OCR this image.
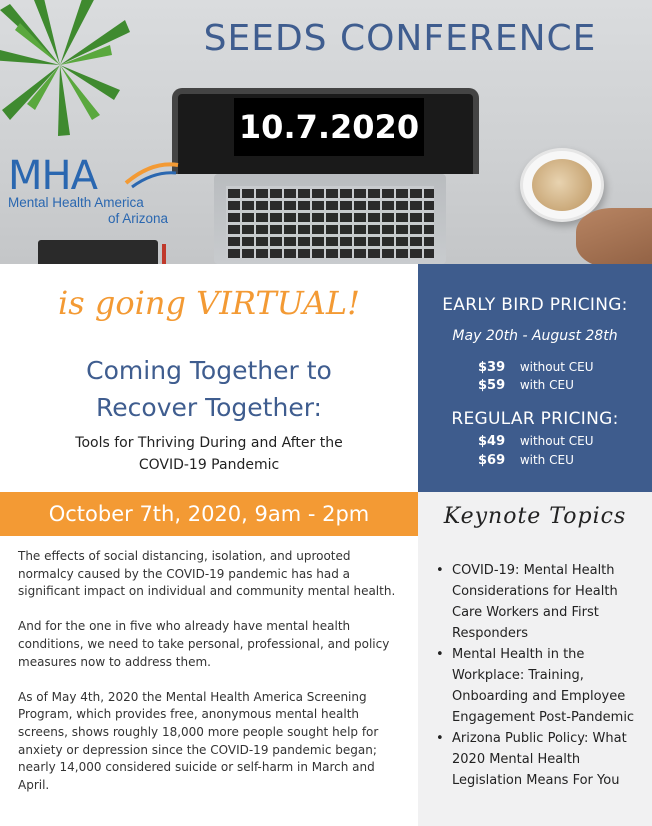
SEEDS CONFERENCE
10.7.2020
MHA
Mental Health America
of Arizona
is going VIRTUAL!
Coming Together to
Recover Together:
Tools for Thriving During and After the
COVID-19 Pandemic
EARLY BIRD PRICING:
May 20th - August 28th
$39 without CEU
$59 with CEU
REGULAR PRICING:
$49 without CEU
$69 with CEU
October 7th, 2020, 9am - 2pm

The effects of social distancing, isolation, and uprooted normalcy caused by the COVID-19 pandemic has had a significant impact on individual and community mental health.

And for the one in five who already have mental health conditions, we need to take personal, professional, and policy measures now to address them.

As of May 4th, 2020 the Mental Health America Screening Program, which provides free, anonymous mental health screens, shows roughly 18,000 more people sought help for anxiety or depression since the COVID-19 pandemic began; nearly 14,000 considered suicide or self-harm in March and April.

Keynote Topics
• COVID-19: Mental Health Considerations for Health Care Workers and First Responders
• Mental Health in the Workplace: Training, Onboarding and Employee Engagement Post-Pandemic
• Arizona Public Policy: What 2020 Mental Health Legislation Means For You
